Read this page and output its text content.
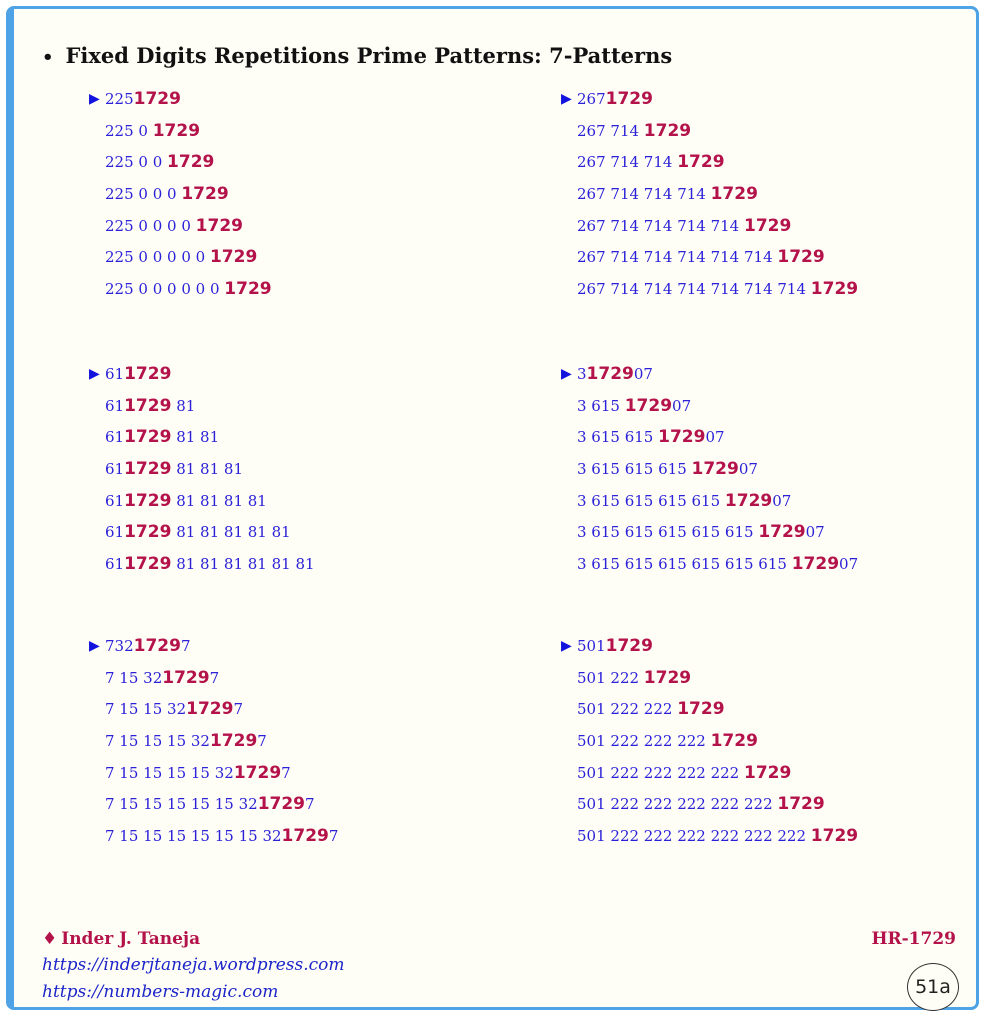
• Fixed Digits Repetitions Prime Patterns: 7-Patterns
▶ 2251729
225 0 1729
225 0 0 1729
225 0 0 0 1729
225 0 0 0 0 1729
225 0 0 0 0 0 1729
225 0 0 0 0 0 0 1729
▶ 2671729
267 714 1729
267 714 714 1729
267 714 714 714 1729
267 714 714 714 714 1729
267 714 714 714 714 714 1729
267 714 714 714 714 714 714 1729
▶ 611729
611729 81
611729 81 81
611729 81 81 81
611729 81 81 81 81
611729 81 81 81 81 81
611729 81 81 81 81 81 81
▶ 3172907
3 615 172907
3 615 615 172907
3 615 615 615 172907
3 615 615 615 615 172907
3 615 615 615 615 615 172907
3 615 615 615 615 615 615 172907
▶ 73217297
7 15 3217297
7 15 15 3217297
7 15 15 15 3217297
7 15 15 15 15 3217297
7 15 15 15 15 15 3217297
7 15 15 15 15 15 15 3217297
▶ 5011729
501 222 1729
501 222 222 1729
501 222 222 222 1729
501 222 222 222 222 1729
501 222 222 222 222 222 1729
501 222 222 222 222 222 222 1729
♦ Inder J. Taneja
https://inderjtaneja.wordpress.com
https://numbers-magic.com
HR-1729
51a
